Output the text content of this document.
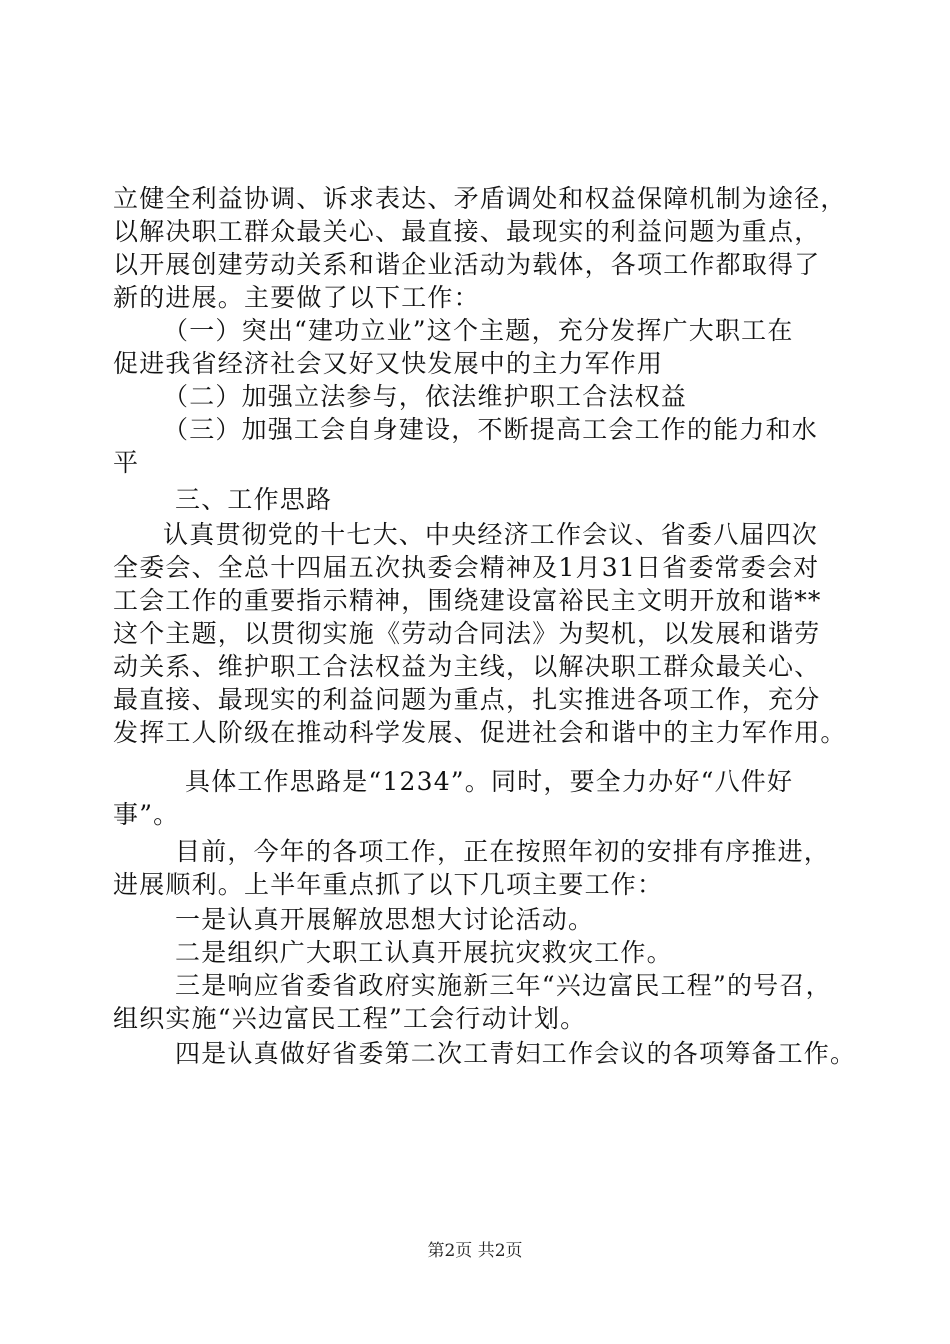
立健全利益协调、诉求表达、矛盾调处和权益保障机制为途径，
以解决职工群众最关心、最直接、最现实的利益问题为重点，
以开展创建劳动关系和谐企业活动为载体，各项工作都取得了
新的进展。主要做了以下工作：
（一）突出“建功立业”这个主题，充分发挥广大职工在
促进我省经济社会又好又快发展中的主力军作用
（二）加强立法参与，依法维护职工合法权益
（三）加强工会自身建设，不断提高工会工作的能力和水
平
三、工作思路
认真贯彻党的十七大、中央经济工作会议、省委八届四次
全委会、全总十四届五次执委会精神及1月31日省委常委会对
工会工作的重要指示精神，围绕建设富裕民主文明开放和谐**
这个主题，以贯彻实施《劳动合同法》为契机，以发展和谐劳
动关系、维护职工合法权益为主线，以解决职工群众最关心、
最直接、最现实的利益问题为重点，扎实推进各项工作，充分
发挥工人阶级在推动科学发展、促进社会和谐中的主力军作用。
具体工作思路是“1234”。同时，要全力办好“八件好
事”。
目前，今年的各项工作，正在按照年初的安排有序推进，
进展顺利。上半年重点抓了以下几项主要工作：
一是认真开展解放思想大讨论活动。
二是组织广大职工认真开展抗灾救灾工作。
三是响应省委省政府实施新三年“兴边富民工程”的号召，
组织实施“兴边富民工程”工会行动计划。
四是认真做好省委第二次工青妇工作会议的各项筹备工作。
第2页 共2页
